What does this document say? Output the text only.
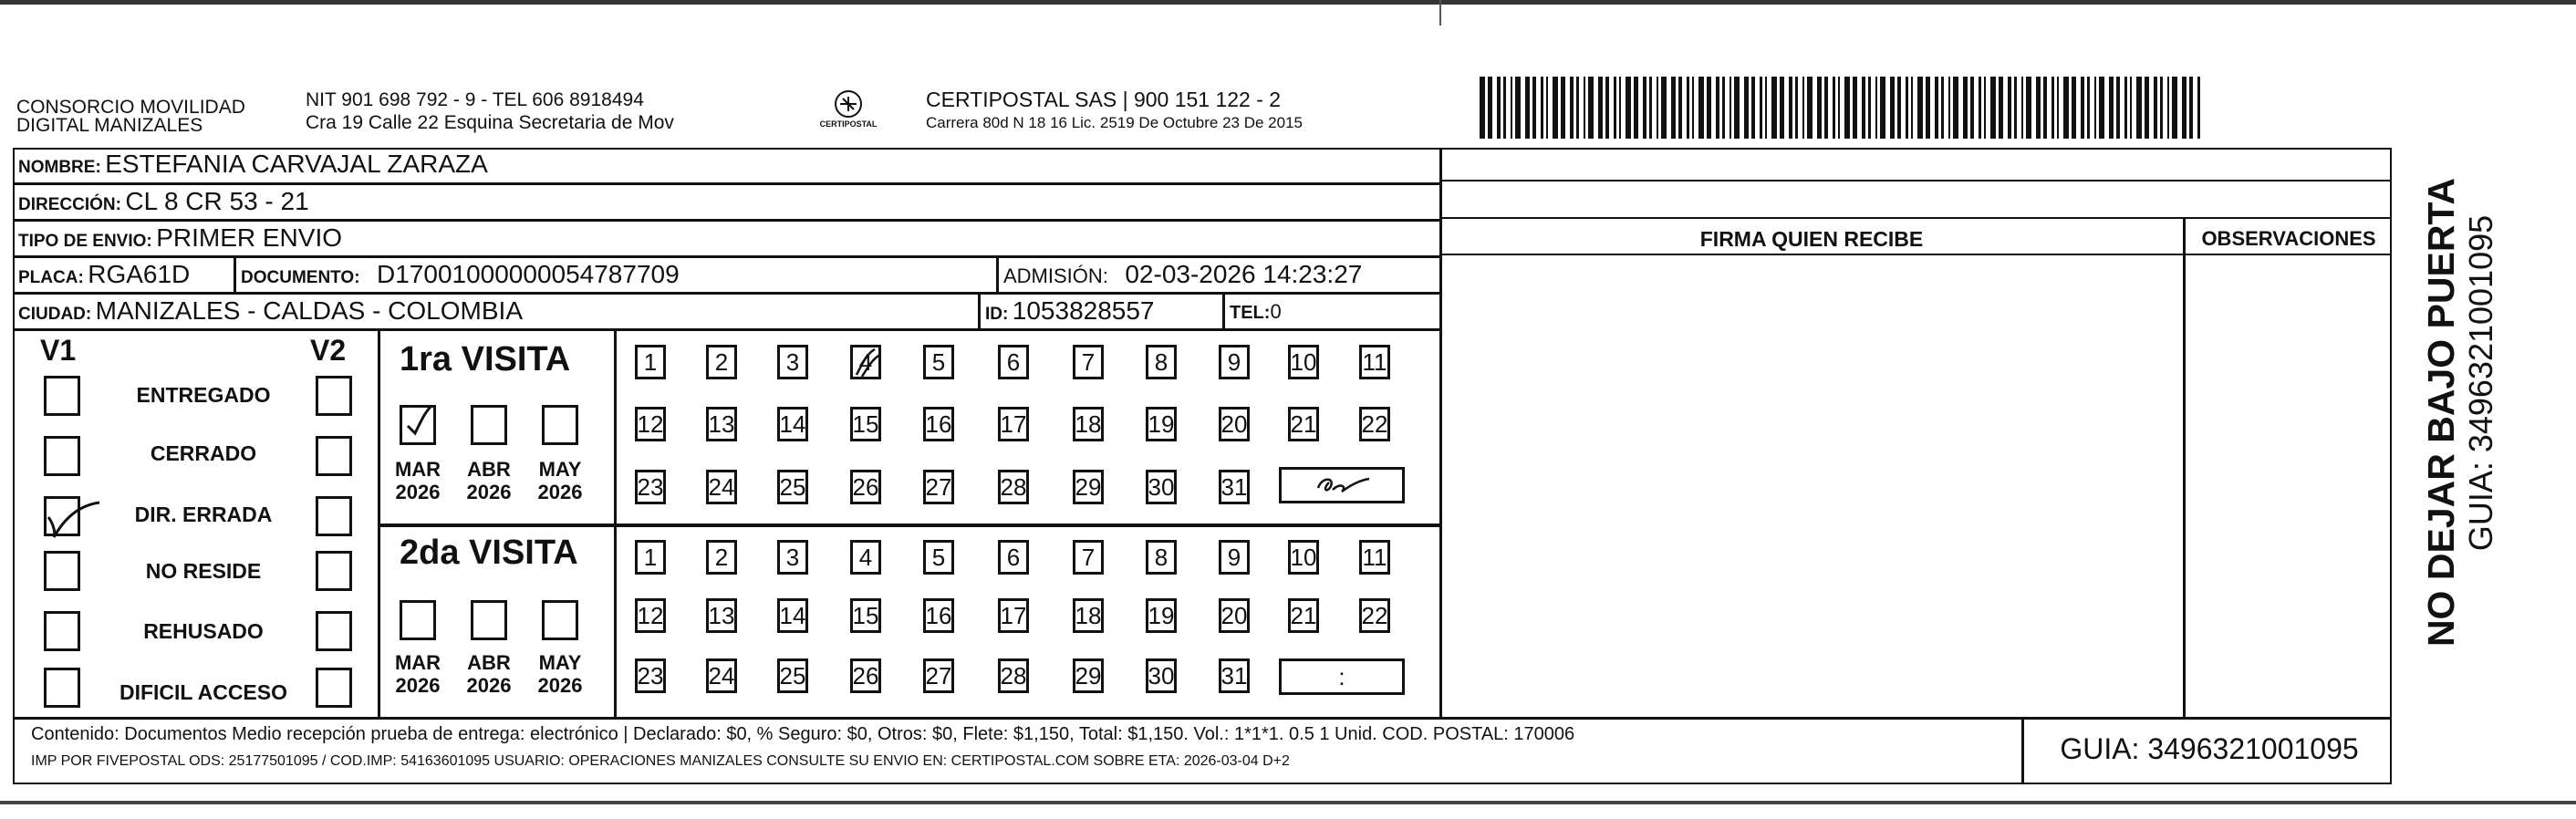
CONSORCIO MOVILIDAD
DIGITAL MANIZALES
NIT 901 698 792 - 9 - TEL 606 8918494
Cra 19 Calle 22 Esquina Secretaria de Mov	CERTIPOSTAL
CERTIPOSTAL SAS | 900 151 122 - 2
Carrera 80d N 18 16 Lic. 2519 De Octubre 23 De 2015
FIRMA QUIEN RECIBE	OBSERVACIONES
NOMBRE: ESTEFANIA CARVAJAL ZARAZA
DIRECCIÓN: CL 8 CR 53 - 21
TIPO DE ENVIO: PRIMER ENVIO
PLACA: RGA61D	DOCUMENTO: D17001000000054787709	ADMISIÓN: 02-03-2026 14:23:27
CIUDAD: MANIZALES - CALDAS - COLOMBIA	ID: 1053828557	TEL:0
V1	V2
ENTREGADO
CERRADO
DIR. ERRADA
NO RESIDE
REHUSADO
DIFICIL ACCESO
1ra VISITA
MAR
2026
ABR
2026
MAY
2026
1	2	3	4	5	6	7	8	9	10 11
12 13 14 15 16 17 18 19 20 21 22
23 24 25 26 27 28 29 30 31
2da VISITA
MAR
2026
ABR
2026
MAY
2026
1	2	3	4	5	6	7	8	9	10 11
12 13 14 15 16 17 18 19 20 21 22
23 24 25 26 27 28 29 30 31	:
Contenido: Documentos Medio recepción prueba de entrega: electrónico | Declarado: $0, % Seguro: $0, Otros: $0, Flete: $1,150, Total: $1,150. Vol.: 1*1*1. 0.5 1 Unid. COD. POSTAL: 170006
IMP POR FIVEPOSTAL ODS: 25177501095 / COD.IMP: 54163601095 USUARIO: OPERACIONES MANIZALES CONSULTE SU ENVIO EN: CERTIPOSTAL.COM SOBRE ETA: 2026-03-04 D+2	GUIA: 3496321001095
NO DEJAR BAJO PUERTA GUIA: 3496321001095
